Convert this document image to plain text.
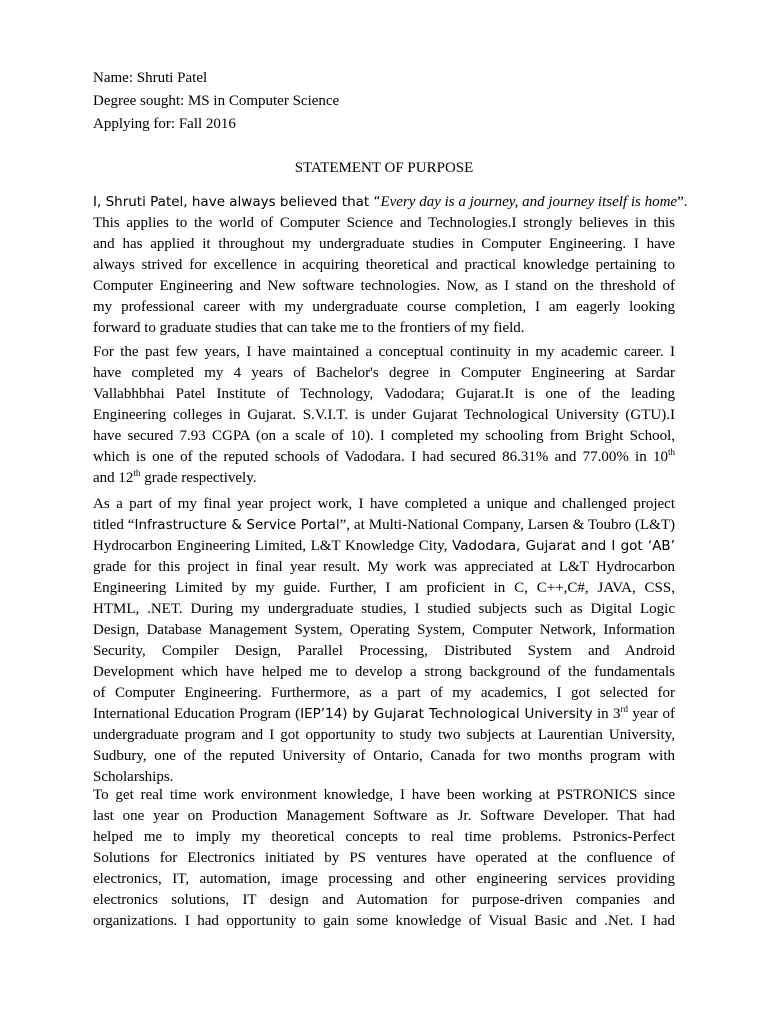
Name: Shruti Patel
Degree sought: MS in Computer Science
Applying for: Fall 2016
STATEMENT OF PURPOSE
I, Shruti Patel, have always believed that “Every day is a journey, and journey itself is home”.
This applies to the world of Computer Science and Technologies.I strongly believes in this
and has applied it throughout my undergraduate studies in Computer Engineering. I have
always strived for excellence in acquiring theoretical and practical knowledge pertaining to
Computer Engineering and New software technologies. Now, as I stand on the threshold of
my professional career with my undergraduate course completion, I am eagerly looking
forward to graduate studies that can take me to the frontiers of my field.
For the past few years, I have maintained a conceptual continuity in my academic career. I
have completed my 4 years of Bachelor's degree in Computer Engineering at Sardar
Vallabhbhai Patel Institute of Technology, Vadodara; Gujarat.It is one of the leading
Engineering colleges in Gujarat. S.V.I.T. is under Gujarat Technological University (GTU).I
have secured 7.93 CGPA (on a scale of 10). I completed my schooling from Bright School,
which is one of the reputed schools of Vadodara. I had secured 86.31% and 77.00% in 10th
and 12th grade respectively.
As a part of my final year project work, I have completed a unique and challenged project
titled “Infrastructure & Service Portal”, at Multi-National Company, Larsen & Toubro (L&T)
Hydrocarbon Engineering Limited, L&T Knowledge City, Vadodara, Gujarat and I got ‘AB’
grade for this project in final year result. My work was appreciated at L&T Hydrocarbon
Engineering Limited by my guide. Further, I am proficient in C, C++,C#, JAVA, CSS,
HTML, .NET. During my undergraduate studies, I studied subjects such as Digital Logic
Design, Database Management System, Operating System, Computer Network, Information
Security, Compiler Design, Parallel Processing, Distributed System and Android
Development which have helped me to develop a strong background of the fundamentals
of Computer Engineering. Furthermore, as a part of my academics, I got selected for
International Education Program (IEP’14) by Gujarat Technological University in 3rd year of
undergraduate program and I got opportunity to study two subjects at Laurentian University,
Sudbury, one of the reputed University of Ontario, Canada for two months program with
Scholarships.
To get real time work environment knowledge, I have been working at PSTRONICS since
last one year on Production Management Software as Jr. Software Developer. That had
helped me to imply my theoretical concepts to real time problems. Pstronics-Perfect
Solutions for Electronics initiated by PS ventures have operated at the confluence of
electronics, IT, automation, image processing and other engineering services providing
electronics solutions, IT design and Automation for purpose-driven companies and
organizations. I had opportunity to gain some knowledge of Visual Basic and .Net. I had
